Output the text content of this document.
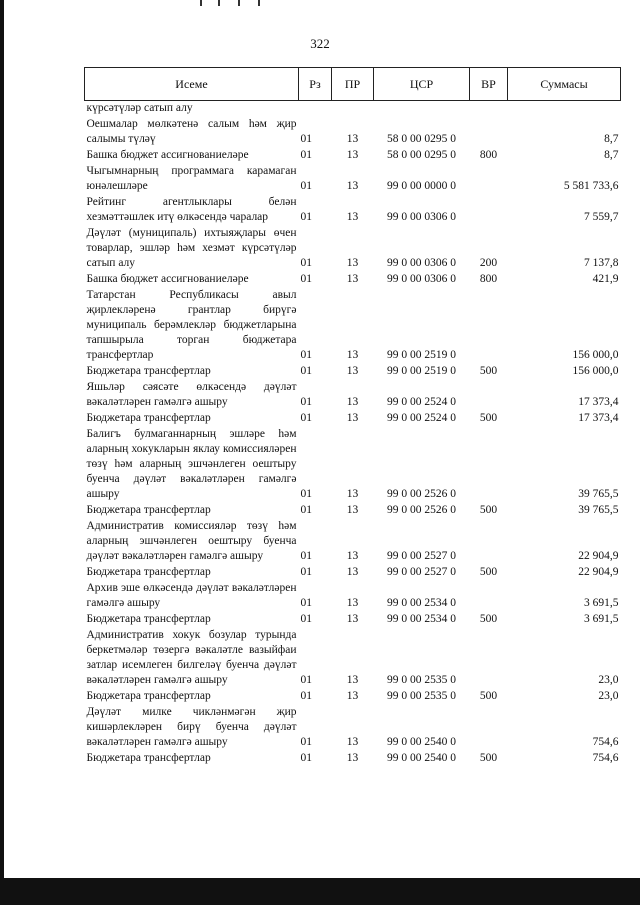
322
Исеме	Рз	ПР	ЦСР	ВР	Суммасы
күрсәтүләр сатып алу					
Оешмалар мөлкәтенә салым һәм җир салымы түләү	01	13	58 0 00 0295 0		8,7
Башка бюджет ассигнованиеләре	01	13	58 0 00 0295 0	800	8,7
Чыгымнарның программага карамаган юнәлешләре	01	13	99 0 00 0000 0		5 581 733,6
Рейтинг агентлыклары белән хезмәттәшлек итү өлкәсендә чаралар	01	13	99 0 00 0306 0		7 559,7
Дәүләт (муниципаль) ихтыяҗлары өчен товарлар, эшләр һәм хезмәт күрсәтүләр сатып алу	01	13	99 0 00 0306 0	200	7 137,8
Башка бюджет ассигнованиеләре	01	13	99 0 00 0306 0	800	421,9
Татарстан Республикасы авыл җирлекләренә грантлар бирүгә муниципаль берәмлекләр бюджетларына тапшырыла торган бюджетара трансфертлар	01	13	99 0 00 2519 0		156 000,0
Бюджетара трансфертлар	01	13	99 0 00 2519 0	500	156 000,0
Яшьләр сәясәте өлкәсендә дәүләт вәкаләтләрен гамәлгә ашыру	01	13	99 0 00 2524 0		17 373,4
Бюджетара трансфертлар	01	13	99 0 00 2524 0	500	17 373,4
Балигъ булмаганнарның эшләре һәм аларның хокукларын яклау комиссияләрен төзү һәм аларның эшчәнлеген оештыру буенча дәүләт вәкаләтләрен гамәлгә ашыру	01	13	99 0 00 2526 0		39 765,5
Бюджетара трансфертлар	01	13	99 0 00 2526 0	500	39 765,5
Административ комиссияләр төзү һәм аларның эшчәнлеген оештыру буенча дәүләт вәкаләтләрен гамәлгә ашыру	01	13	99 0 00 2527 0		22 904,9
Бюджетара трансфертлар	01	13	99 0 00 2527 0	500	22 904,9
Архив эше өлкәсендә дәүләт вәкаләтләрен гамәлгә ашыру	01	13	99 0 00 2534 0		3 691,5
Бюджетара трансфертлар	01	13	99 0 00 2534 0	500	3 691,5
Административ хокук бозулар турында беркетмәләр төзергә вәкаләтле вазыйфаи затлар исемлеген билгеләү буенча дәүләт вәкаләтләрен гамәлгә ашыру	01	13	99 0 00 2535 0		23,0
Бюджетара трансфертлар	01	13	99 0 00 2535 0	500	23,0
Дәүләт милке чикләнмәгән җир кишәрлекләрен бирү буенча дәүләт вәкаләтләрен гамәлгә ашыру	01	13	99 0 00 2540 0		754,6
Бюджетара трансфертлар	01	13	99 0 00 2540 0	500	754,6
